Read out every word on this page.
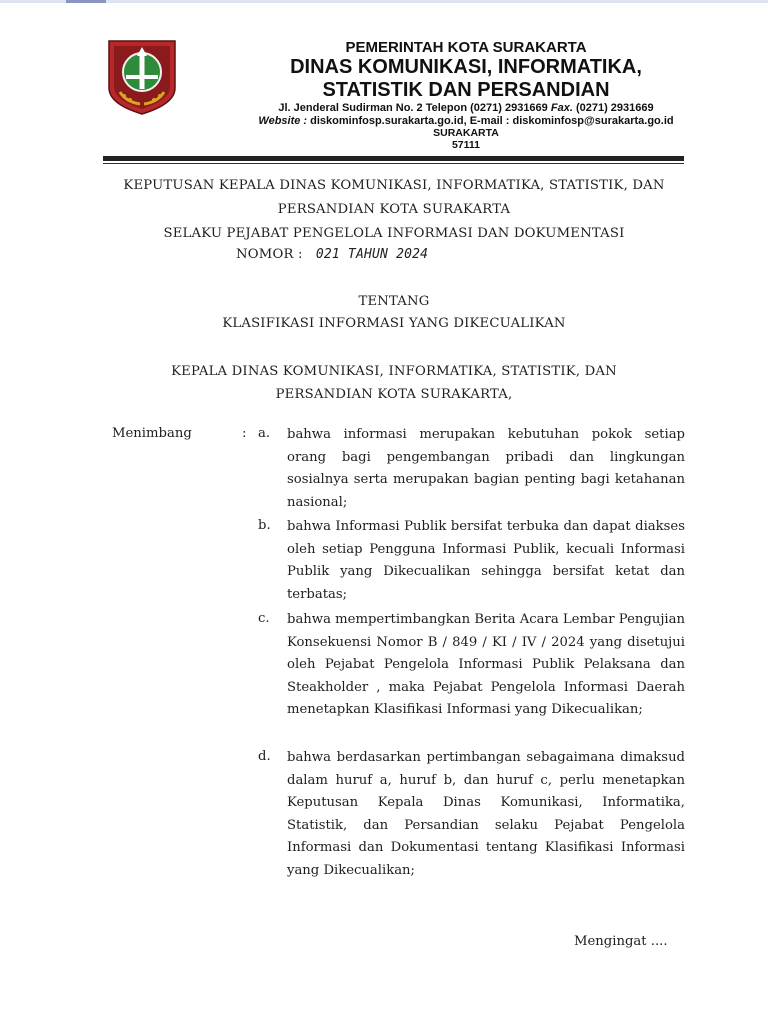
PEMERINTAH KOTA SURAKARTA
DINAS KOMUNIKASI, INFORMATIKA,
STATISTIK DAN PERSANDIAN
Jl. Jenderal Sudirman No. 2 Telepon (0271) 2931669 Fax. (0271) 2931669
Website : diskominfosp.surakarta.go.id, E-mail : diskominfosp@surakarta.go.id
SURAKARTA
57111
KEPUTUSAN KEPALA DINAS KOMUNIKASI, INFORMATIKA, STATISTIK, DAN
PERSANDIAN KOTA SURAKARTA
SELAKU PEJABAT PENGELOLA INFORMASI DAN DOKUMENTASI
NOMOR : 021 TAHUN 2024
TENTANG
KLASIFIKASI INFORMASI YANG DIKECUALIKAN
KEPALA DINAS KOMUNIKASI, INFORMATIKA, STATISTIK, DAN
PERSANDIAN KOTA SURAKARTA,
Menimbang	: a. bahwa informasi merupakan kebutuhan pokok setiap orang bagi pengembangan pribadi dan lingkungan sosialnya serta merupakan bagian penting bagi ketahanan nasional;

b. bahwa Informasi Publik bersifat terbuka dan dapat diakses oleh setiap Pengguna Informasi Publik, kecuali Informasi Publik yang Dikecualikan sehingga bersifat ketat dan terbatas;

c. bahwa mempertimbangkan Berita Acara Lembar Pengujian Konsekuensi Nomor B / 849 / KI / IV / 2024 yang disetujui oleh Pejabat Pengelola Informasi Publik Pelaksana dan Steakholder , maka Pejabat Pengelola Informasi Daerah menetapkan Klasifikasi Informasi yang Dikecualikan;

d. bahwa berdasarkan pertimbangan sebagaimana dimaksud dalam huruf a, huruf b, dan huruf c, perlu menetapkan Keputusan Kepala Dinas Komunikasi, Informatika, Statistik, dan Persandian selaku Pejabat Pengelola Informasi dan Dokumentasi tentang Klasifikasi Informasi yang Dikecualikan;

Mengingat ....
